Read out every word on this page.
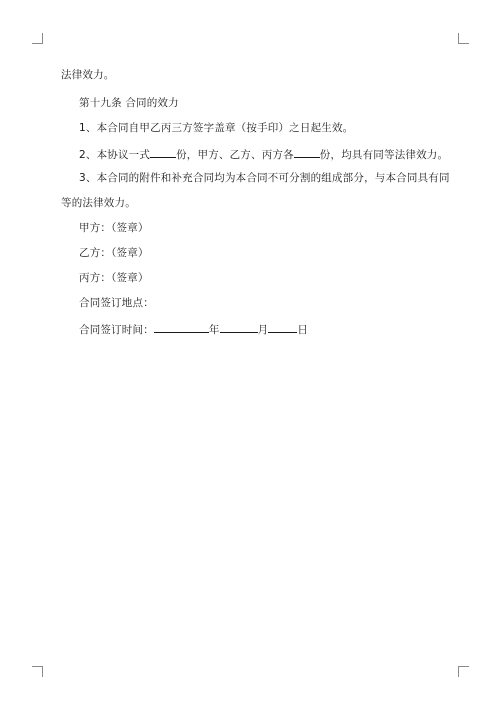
法律效力。
第十九条 合同的效力
1、本合同自甲乙丙三方签字盖章（按手印）之日起生效。
2、本协议一式 份，甲方、乙方、丙方各 份，均具有同等法律效力。
3、本合同的附件和补充合同均为本合同不可分割的组成部分，与本合同具有同
等的法律效力。
甲方：（签章）
乙方：（签章）
丙方：（签章）
合同签订地点：
合同签订时间：	年	月	日
